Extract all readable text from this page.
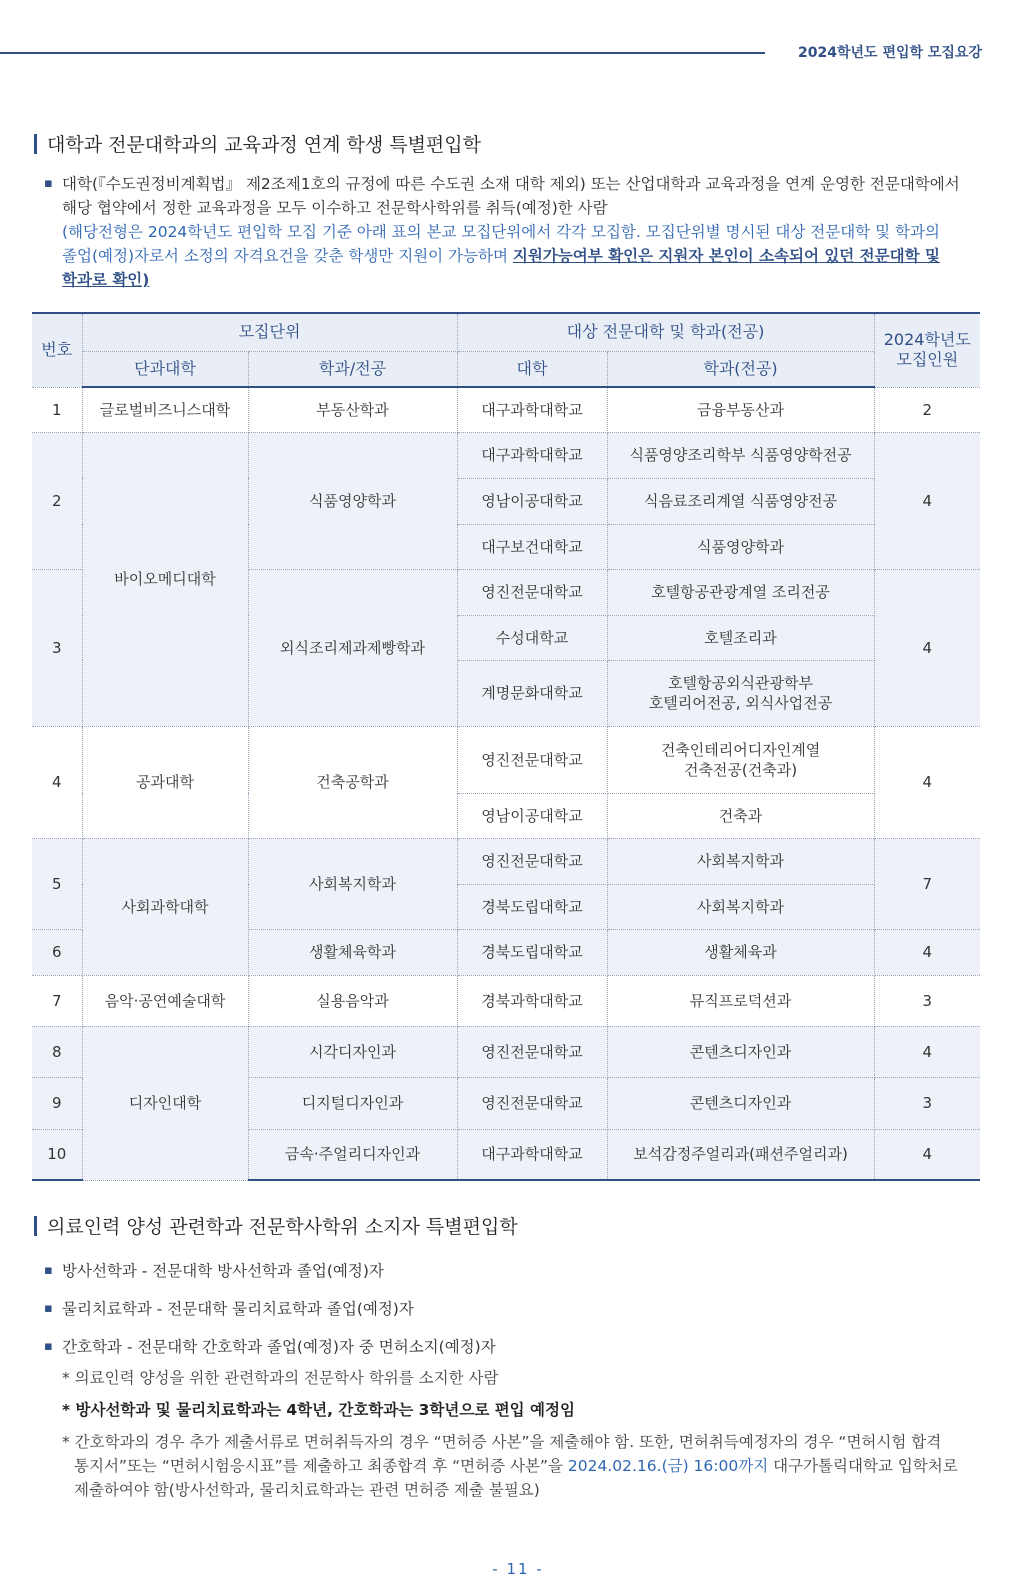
2024학년도 편입학 모집요강
대학과 전문대학과의 교육과정 연계 학생 특별편입학
▪ 대학(『수도권정비계획법』 제2조제1호의 규정에 따른 수도권 소재 대학 제외) 또는 산업대학과 교육과정을 연계 운영한 전문대학에서
해당 협약에서 정한 교육과정을 모두 이수하고 전문학사학위를 취득(예정)한 사람
(해당전형은 2024학년도 편입학 모집 기준 아래 표의 본교 모집단위에서 각각 모집함. 모집단위별 명시된 대상 전문대학 및 학과의
졸업(예정)자로서 소정의 자격요건을 갖춘 학생만 지원이 가능하며 지원가능여부 확인은 지원자 본인이 소속되어 있던 전문대학 및
학과로 확인)
번호	모집단위		대상 전문대학 및 학과(전공)		2024학년도
모집인원
	단과대학	학과/전공	대학	학과(전공)	
1	글로벌비즈니스대학	부동산학과	대구과학대학교	금융부동산과	2
2	바이오메디대학	식품영양학과	대구과학대학교	식품영양조리학부 식품영양학전공	4
			영남이공대학교	식음료조리계열 식품영양전공	
			대구보건대학교	식품영양학과	
3		외식조리제과제빵학과	영진전문대학교	호텔항공관광계열 조리전공	4
			수성대학교	호텔조리과	
			계명문화대학교	호텔항공외식관광학부
호텔리어전공, 외식사업전공	
4	공과대학	건축공학과	영진전문대학교	건축인테리어디자인계열
건축전공(건축과)	4
			영남이공대학교	건축과	
5	사회과학대학	사회복지학과	영진전문대학교	사회복지학과	7
			경북도립대학교	사회복지학과	
6		생활체육학과	경북도립대학교	생활체육과	4
7	음악·공연예술대학	실용음악과	경북과학대학교	뮤직프로덕션과	3
8	디자인대학	시각디자인과	영진전문대학교	콘텐츠디자인과	4
9		디지털디자인과	영진전문대학교	콘텐츠디자인과	3
10		금속·주얼리디자인과	대구과학대학교	보석감정주얼리과(패션주얼리과)	4
의료인력 양성 관련학과 전문학사학위 소지자 특별편입학
▪ 방사선학과 - 전문대학 방사선학과 졸업(예정)자
▪ 물리치료학과 - 전문대학 물리치료학과 졸업(예정)자
▪ 간호학과 - 전문대학 간호학과 졸업(예정)자 중 면허소지(예정)자
* 의료인력 양성을 위한 관련학과의 전문학사 학위를 소지한 사람
* 방사선학과 및 물리치료학과는 4학년, 간호학과는 3학년으로 편입 예정임
* 간호학과의 경우 추가 제출서류로 면허취득자의 경우 “면허증 사본”을 제출해야 함. 또한, 면허취득예정자의 경우 “면허시험 합격
통지서”또는 “면허시험응시표”를 제출하고 최종합격 후 “면허증 사본”을 2024.02.16.(금) 16:00까지 대구가톨릭대학교 입학처로
제출하여야 함(방사선학과, 물리치료학과는 관련 면허증 제출 불필요)
- 11 -
